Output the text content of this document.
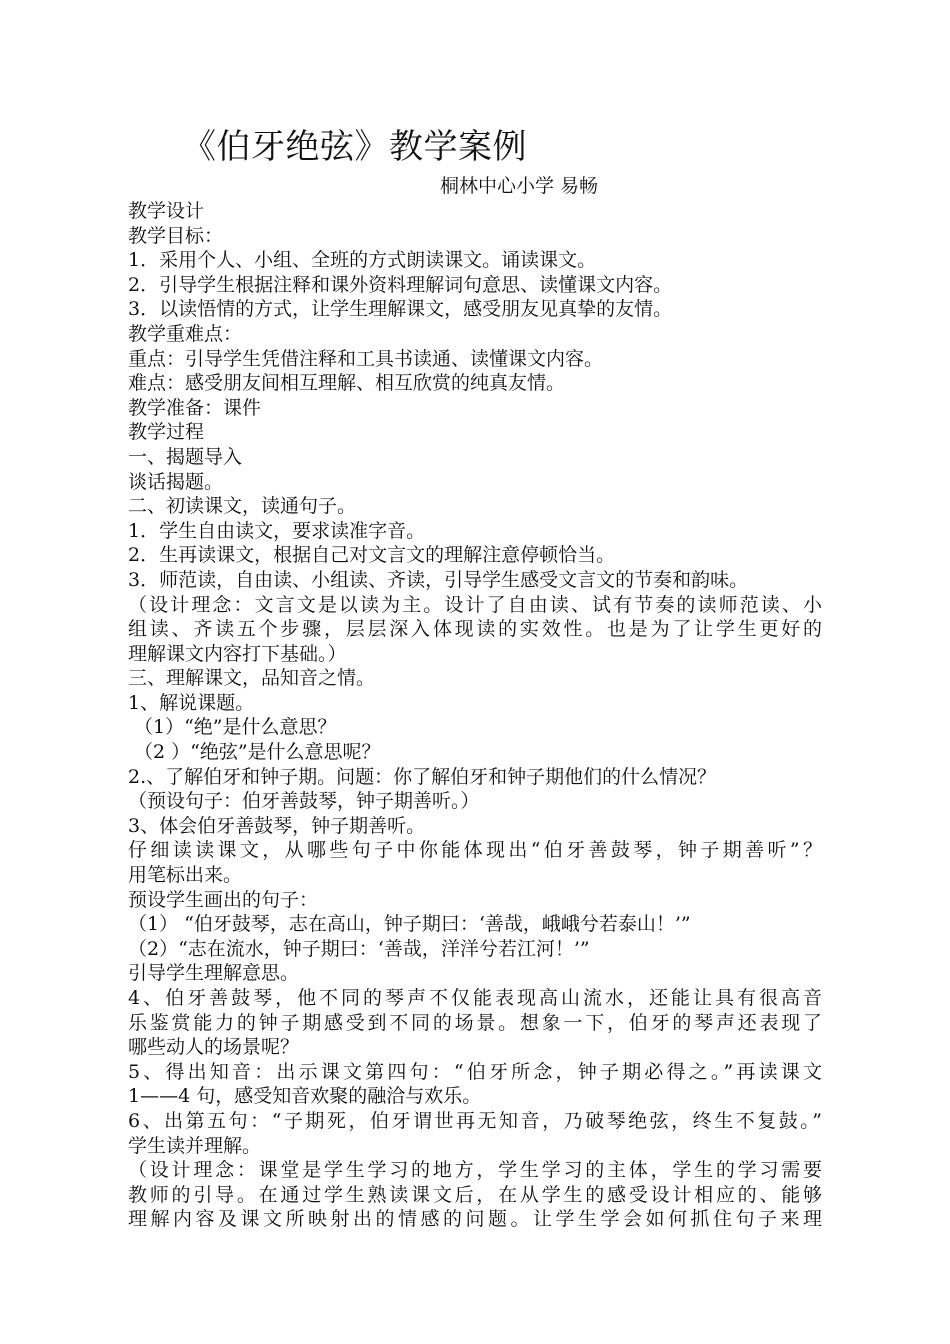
《伯牙绝弦》教学案例
桐林中心小学 易畅
教学设计
教学目标：
1．采用个人、小组、全班的方式朗读课文。诵读课文。
2．引导学生根据注释和课外资料理解词句意思、读懂课文内容。
3．以读悟情的方式，让学生理解课文，感受朋友见真挚的友情。
教学重难点：
重点：引导学生凭借注释和工具书读通、读懂课文内容。
难点：感受朋友间相互理解、相互欣赏的纯真友情。
教学准备：课件
教学过程
一、揭题导入
谈话揭题。
二、初读课文，读通句子。
1．学生自由读文，要求读准字音。
2．生再读课文，根据自己对文言文的理解注意停顿恰当。
3．师范读，自由读、小组读、齐读，引导学生感受文言文的节奏和韵味。
（设计理念：文言文是以读为主。设计了自由读、试有节奏的读师范读、小
组读、齐读五个步骤，层层深入体现读的实效性。也是为了让学生更好的
理解课文内容打下基础。）
三、理解课文，品知音之情。
1、解说课题。
（1）“绝”是什么意思？
（2 ）“绝弦”是什么意思呢？
2.、了解伯牙和钟子期。问题：你了解伯牙和钟子期他们的什么情况？
（预设句子：伯牙善鼓琴，钟子期善听。）
3、体会伯牙善鼓琴，钟子期善听。
仔细读读课文，从哪些句子中你能体现出“伯牙善鼓琴，钟子期善听”？
用笔标出来。
预设学生画出的句子：
（1） “伯牙鼓琴，志在高山，钟子期曰：‘善哉，峨峨兮若泰山！’”
（2）“志在流水，钟子期曰：‘善哉，洋洋兮若江河！’”
引导学生理解意思。
4、伯牙善鼓琴，他不同的琴声不仅能表现高山流水，还能让具有很高音
乐鉴赏能力的钟子期感受到不同的场景。想象一下，伯牙的琴声还表现了
哪些动人的场景呢？
5、得出知音：出示课文第四句：“伯牙所念，钟子期必得之。”再读课文
1——4 句，感受知音欢聚的融洽与欢乐。
6、出第五句：“子期死，伯牙谓世再无知音，乃破琴绝弦，终生不复鼓。”
学生读并理解。
（设计理念：课堂是学生学习的地方，学生学习的主体，学生的学习需要
教师的引导。在通过学生熟读课文后，在从学生的感受设计相应的、能够
理解内容及课文所映射出的情感的问题。让学生学会如何抓住句子来理
